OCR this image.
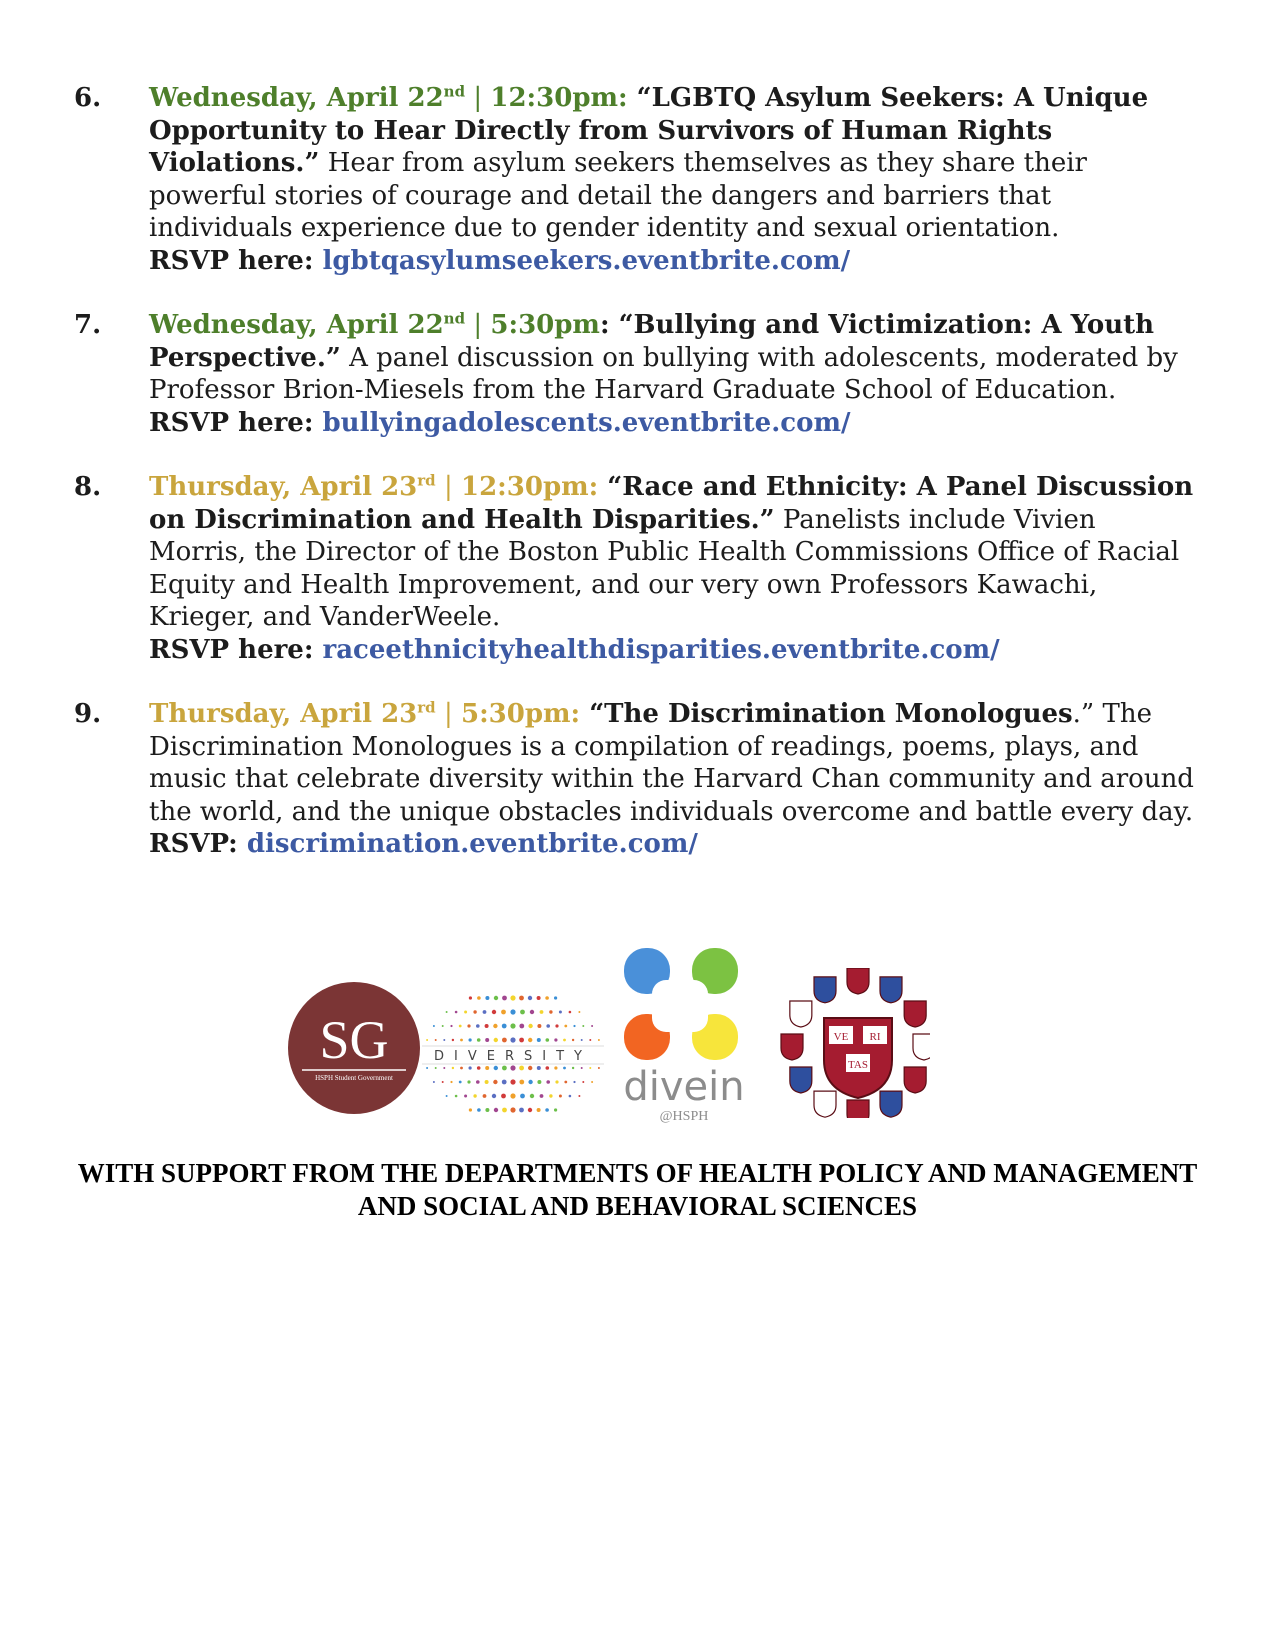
6. Wednesday, April 22nd | 12:30pm: “LGBTQ Asylum Seekers: A Unique Opportunity to Hear Directly from Survivors of Human Rights Violations.” Hear from asylum seekers themselves as they share their powerful stories of courage and detail the dangers and barriers that individuals experience due to gender identity and sexual orientation.
RSVP here: lgbtqasylumseekers.eventbrite.com/
7. Wednesday, April 22nd | 5:30pm: “Bullying and Victimization: A Youth Perspective.” A panel discussion on bullying with adolescents, moderated by Professor Brion-Miesels from the Harvard Graduate School of Education.
RSVP here: bullyingadolescents.eventbrite.com/
8. Thursday, April 23rd | 12:30pm: “Race and Ethnicity: A Panel Discussion on Discrimination and Health Disparities.” Panelists include Vivien Morris, the Director of the Boston Public Health Commissions Office of Racial Equity and Health Improvement, and our very own Professors Kawachi, Krieger, and VanderWeele.
RSVP here: raceethnicityhealthdisparities.eventbrite.com/
9. Thursday, April 23rd | 5:30pm: “The Discrimination Monologues.” The Discrimination Monologues is a compilation of readings, poems, plays, and music that celebrate diversity within the Harvard Chan community and around the world, and the unique obstacles individuals overcome and battle every day.
RSVP: discrimination.eventbrite.com/
SG
HSPH Student Government
DIVERSITY
divein
@HSPH
VE RI
TAS
WITH SUPPORT FROM THE DEPARTMENTS OF HEALTH POLICY AND MANAGEMENT AND SOCIAL AND BEHAVIORAL SCIENCES
